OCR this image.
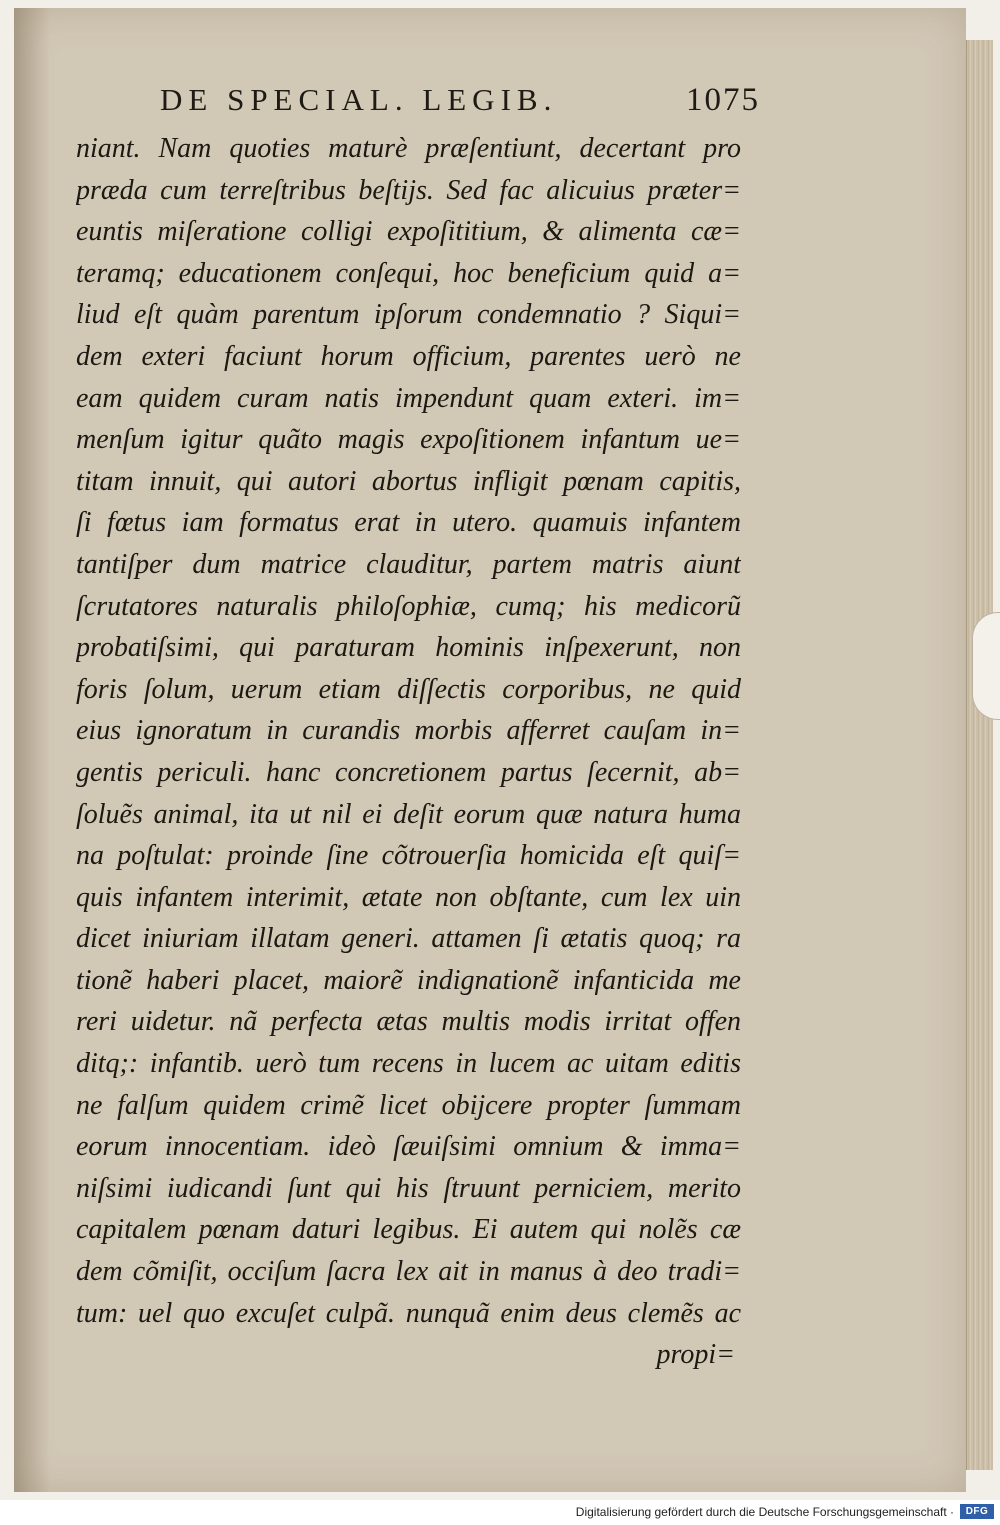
DE SPECIAL. LEGIB.	1075
niant. Nam quoties maturè præſentiunt, decertant pro
præda cum terreſtribus beſtijs. Sed fac alicuius præter=
euntis miſeratione colligi expoſititium, & alimenta cæ=
teramq; educationem conſequi, hoc beneficium quid a=
liud eſt quàm parentum ipſorum condemnatio ? Siqui=
dem exteri faciunt horum officium, parentes uerò ne
eam quidem curam natis impendunt quam exteri. im=
menſum igitur quãto magis expoſitionem infantum ue=
titam innuit, qui autori abortus infligit pœnam capitis,
ſi fœtus iam formatus erat in utero. quamuis infantem
tantiſper dum matrice clauditur, partem matris aiunt
ſcrutatores naturalis philoſophiæ, cumq; his medicorũ
probatiſsimi, qui paraturam hominis inſpexerunt, non
foris ſolum, uerum etiam diſſectis corporibus, ne quid
eius ignoratum in curandis morbis afferret cauſam in=
gentis periculi. hanc concretionem partus ſecernit, ab=
ſoluẽs animal, ita ut nil ei deſit eorum quæ natura huma
na poſtulat: proinde ſine cõtrouerſia homicida eſt quiſ=
quis infantem interimit, ætate non obſtante, cum lex uin
dicet iniuriam illatam generi. attamen ſi ætatis quoq; ra
tionẽ haberi placet, maiorẽ indignationẽ infanticida me
reri uidetur. nã perfecta ætas multis modis irritat offen
ditq;: infantib. uerò tum recens in lucem ac uitam editis
ne falſum quidem crimẽ licet obijcere propter ſummam
eorum innocentiam. ideò ſæuiſsimi omnium & imma=
niſsimi iudicandi ſunt qui his ſtruunt perniciem, merito
capitalem pœnam daturi legibus. Ei autem qui nolẽs cæ
dem cõmiſit, occiſum ſacra lex ait in manus à deo tradi=
tum: uel quo excuſet culpã. nunquã enim deus clemẽs ac
propi=
Digitalisierung gefördert durch die Deutsche Forschungsgemeinschaft ·	DFG
